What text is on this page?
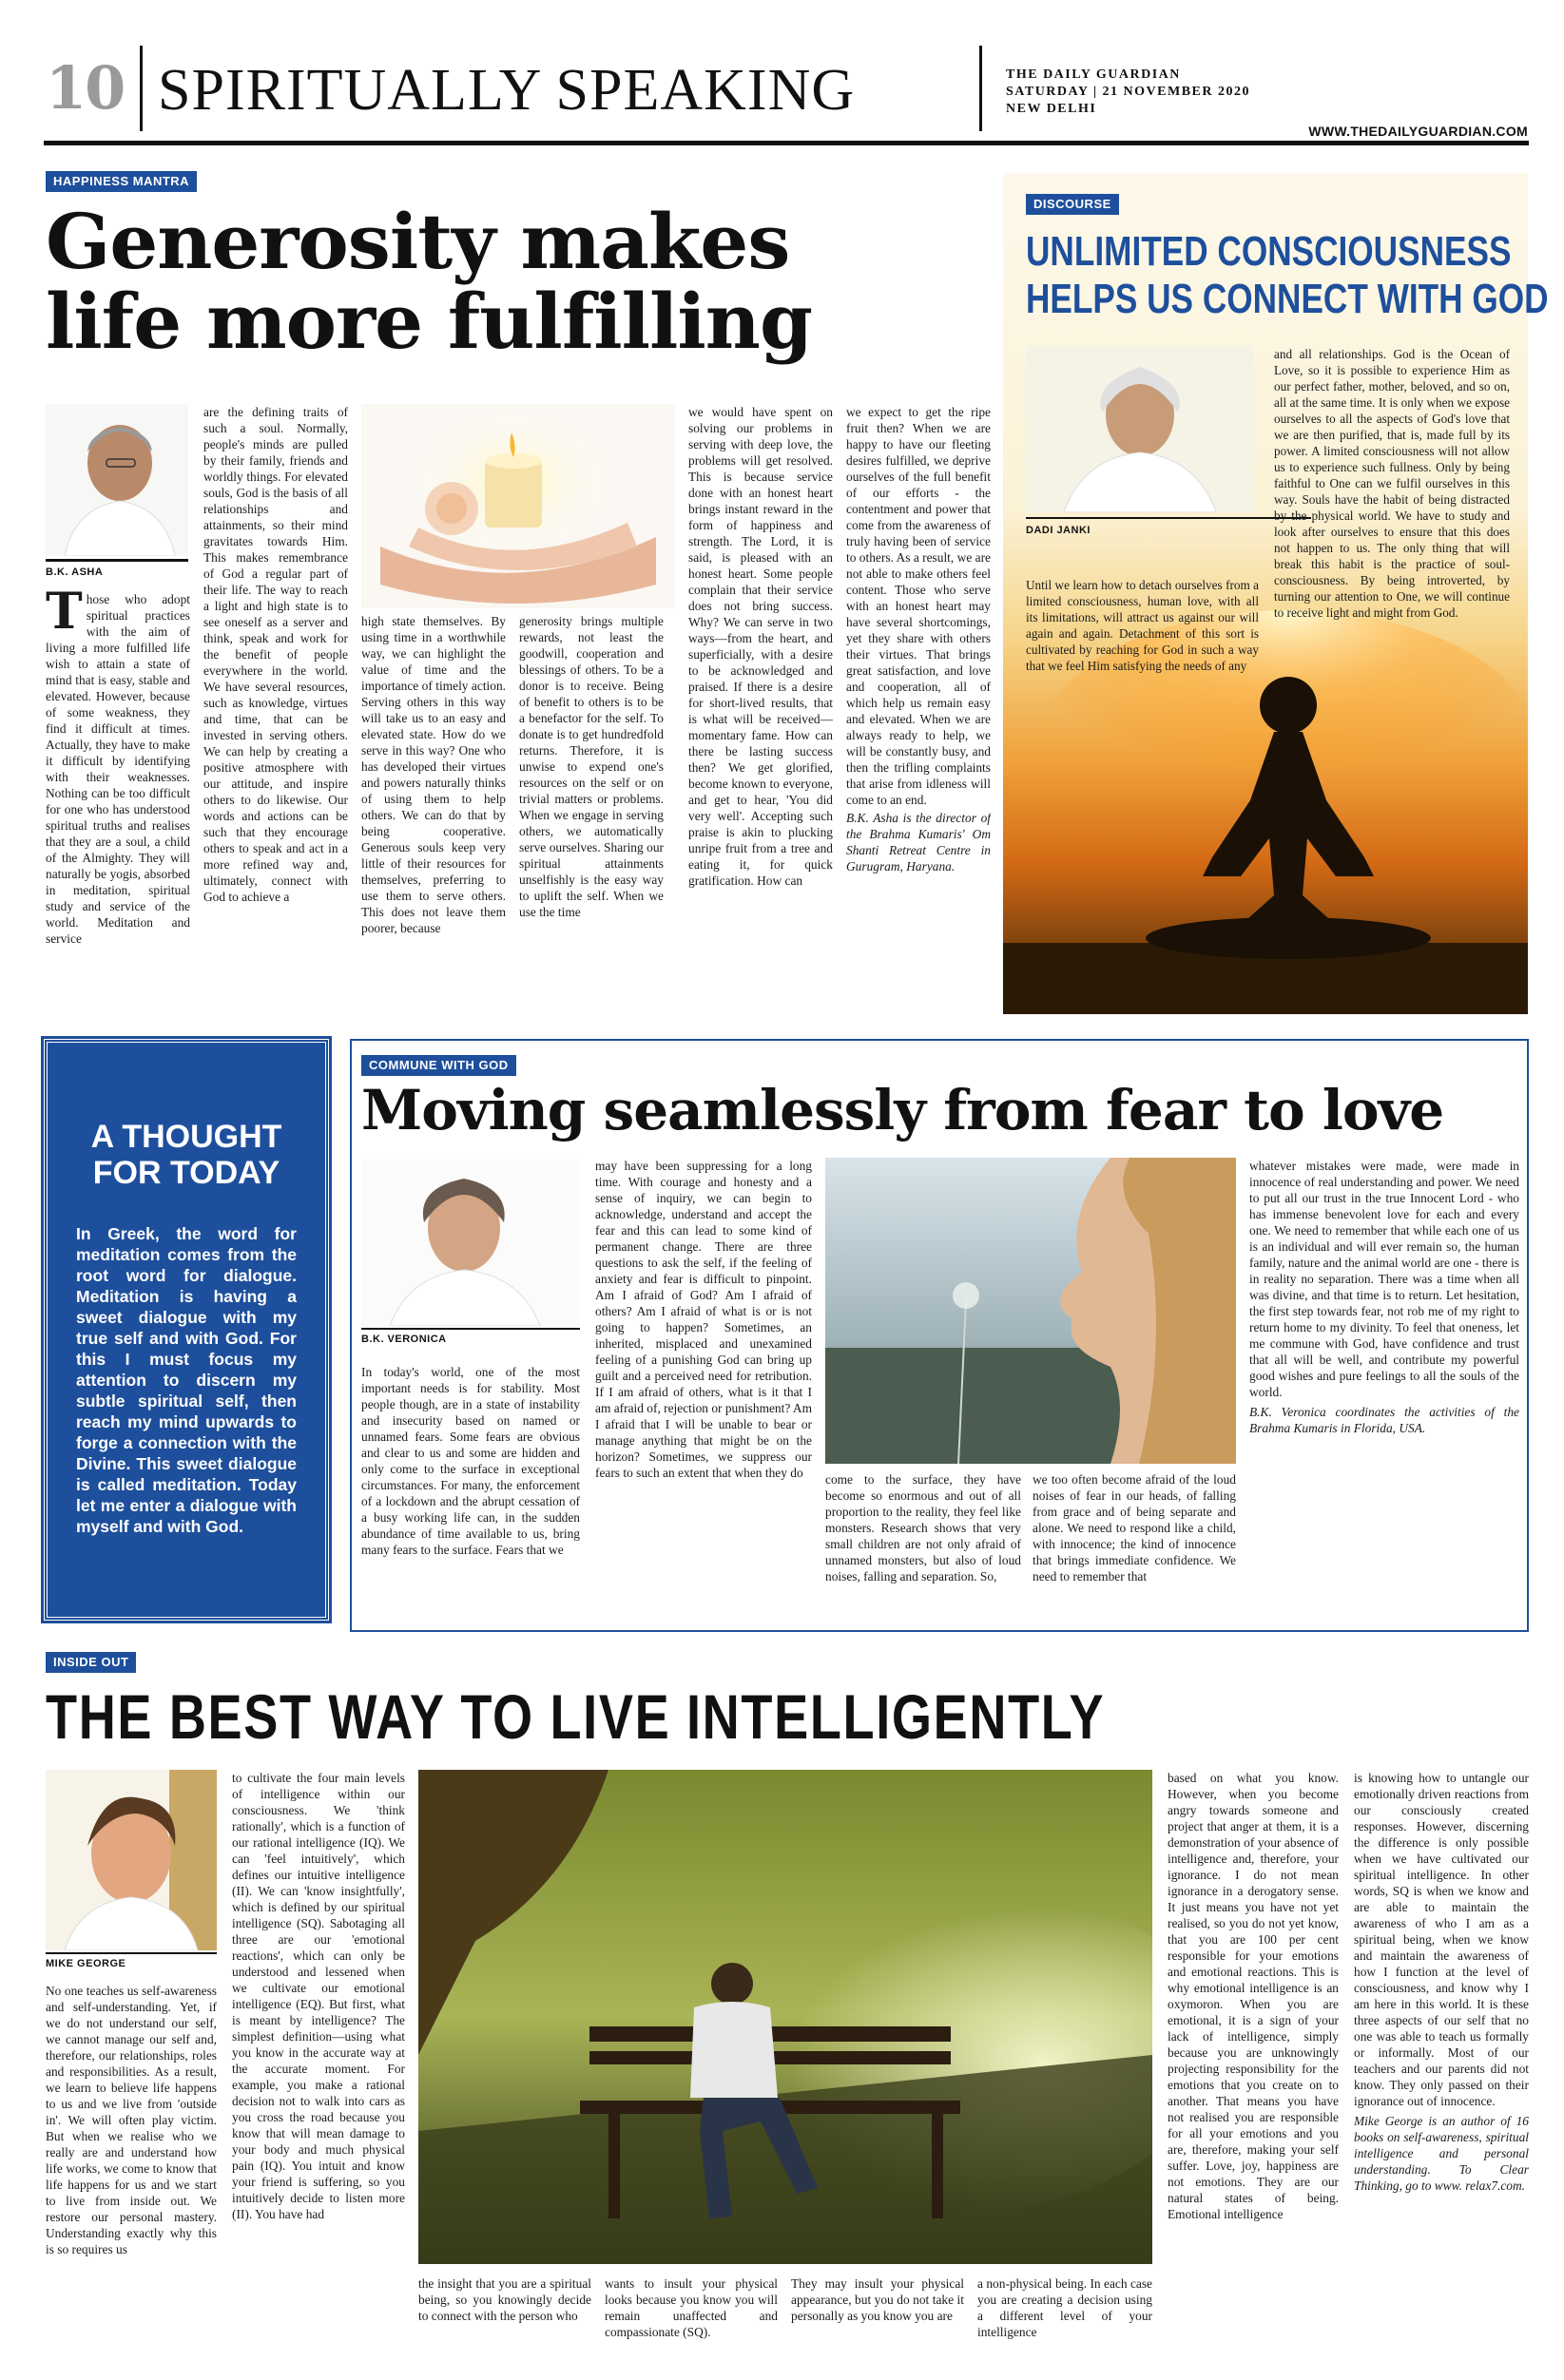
10 SPIRITUALLY SPEAKING	THE DAILY GUARDIAN
SATURDAY | 21 NOVEMBER 2020
NEW DELHI
WWW.THEDAILYGUARDIAN.COM
HAPPINESS MANTRA
Generosity makes
life more fulfilling
B.K. ASHA
Those who adopt spiritual practices with the aim of living a more fulfilled life wish to attain a state of mind that is easy, stable and elevated. However, because of some weakness, they find it difficult at times. Actually, they have to make it difficult by identifying with their weaknesses. Nothing can be too difficult for one who has understood spiritual truths and realises that they are a soul, a child of the Almighty. They will naturally be yogis, absorbed in meditation, spiritual study and service of the world. Meditation and service
are the defining traits of such a soul. Normally, people's minds are pulled by their family, friends and worldly things. For elevated souls, God is the basis of all relationships and attainments, so their mind gravitates towards Him. This makes remembrance of God a regular part of their life. The way to reach a light and high state is to see oneself as a server and think, speak and work for the benefit of people everywhere in the world. We have several resources, such as knowledge, virtues and time, that can be invested in serving others. We can help by creating a positive atmosphere with our attitude, and inspire others to do likewise. Our words and actions can be such that they encourage others to speak and act in a more refined way and, ultimately, connect with God to achieve a
high state themselves. By using time in a worthwhile way, we can highlight the value of time and the importance of timely action. Serving others in this way will take us to an easy and elevated state. How do we serve in this way? One who has developed their virtues and powers naturally thinks of using them to help others. We can do that by being cooperative. Generous souls keep very little of their resources for themselves, preferring to use them to serve others. This does not leave them poorer, because
generosity brings multiple rewards, not least the goodwill, cooperation and blessings of others. To be a donor is to receive. Being of benefit to others is to be a benefactor for the self. To donate is to get hundredfold returns. Therefore, it is unwise to expend one's resources on the self or on trivial matters or problems. When we engage in serving others, we automatically serve ourselves. Sharing our spiritual attainments unselfishly is the easy way to uplift the self. When we use the time
we would have spent on solving our problems in serving with deep love, the problems will get resolved. This is because service done with an honest heart brings instant reward in the form of happiness and strength. The Lord, it is said, is pleased with an honest heart. Some people complain that their service does not bring success. Why? We can serve in two ways—from the heart, and superficially, with a desire to be acknowledged and praised. If there is a desire for short-lived results, that is what will be received—momentary fame. How can there be lasting success then? We get glorified, become known to everyone, and get to hear, 'You did very well'. Accepting such praise is akin to plucking unripe fruit from a tree and eating it, for quick gratification. How can
we expect to get the ripe fruit then? When we are happy to have our fleeting desires fulfilled, we deprive ourselves of the full benefit of our efforts - the contentment and power that come from the awareness of truly having been of service to others. As a result, we are not able to make others feel content. Those who serve with an honest heart may have several shortcomings, yet they share with others their virtues. That brings great satisfaction, and love and cooperation, all of which help us remain easy and elevated. When we are always ready to help, we will be constantly busy, and then the trifling complaints that arise from idleness will come to an end.
B.K. Asha is the director of the Brahma Kumaris' Om Shanti Retreat Centre in Gurugram, Haryana.
DISCOURSE
UNLIMITED CONSCIOUSNESS
HELPS US CONNECT WITH GOD
DADI JANKI
Until we learn how to detach ourselves from a limited consciousness, human love, with all its limitations, will attract us against our will again and again. Detachment of this sort is cultivated by reaching for God in such a way that we feel Him satisfying the needs of any
and all relationships. God is the Ocean of Love, so it is possible to experience Him as our perfect father, mother, beloved, and so on, all at the same time. It is only when we expose ourselves to all the aspects of God's love that we are then purified, that is, made full by its power. A limited consciousness will not allow us to experience such fullness. Only by being faithful to One can we fulfil ourselves in this way. Souls have the habit of being distracted by the physical world. We have to study and look after ourselves to ensure that this does not happen to us. The only thing that will break this habit is the practice of soul-consciousness. By being introverted, by turning our attention to One, we will continue to receive light and might from God.
A THOUGHT
FOR TODAY
In Greek, the word for meditation comes from the root word for dialogue. Meditation is having a sweet dialogue with my true self and with God. For this I must focus my attention to discern my subtle spiritual self, then reach my mind upwards to forge a connection with the Divine. This sweet dialogue is called meditation. Today let me enter a dialogue with myself and with God.
COMMUNE WITH GOD
Moving seamlessly from fear to love
B.K. VERONICA
In today's world, one of the most important needs is for stability. Most people though, are in a state of instability and insecurity based on named or unnamed fears. Some fears are obvious and clear to us and some are hidden and only come to the surface in exceptional circumstances. For many, the enforcement of a lockdown and the abrupt cessation of a busy working life can, in the sudden abundance of time available to us, bring many fears to the surface. Fears that we
may have been suppressing for a long time. With courage and honesty and a sense of inquiry, we can begin to acknowledge, understand and accept the fear and this can lead to some kind of permanent change. There are three questions to ask the self, if the feeling of anxiety and fear is difficult to pinpoint. Am I afraid of God? Am I afraid of others? Am I afraid of what is or is not going to happen? Sometimes, an inherited, misplaced and unexamined feeling of a punishing God can bring up guilt and a perceived need for retribution. If I am afraid of others, what is it that I am afraid of, rejection or punishment? Am I afraid that I will be unable to bear or manage anything that might be on the horizon? Sometimes, we suppress our fears to such an extent that when they do	come to the surface, they have become so enormous and out of all proportion to the reality, they feel like monsters. Research shows that very small children are not only afraid of unnamed monsters, but also of loud noises, falling and separation. So,
we too often become afraid of the loud noises of fear in our heads, of falling from grace and of being separate and alone. We need to respond like a child, with innocence; the kind of innocence that brings immediate confidence. We need to remember that
whatever mistakes were made, were made in innocence of real understanding and power. We need to put all our trust in the true Innocent Lord - who has immense benevolent love for each and every one. We need to remember that while each one of us is an individual and will ever remain so, the human family, nature and the animal world are one - there is in reality no separation. There was a time when all was divine, and that time is to return. Let hesitation, the first step towards fear, not rob me of my right to return home to my divinity. To feel that oneness, let me commune with God, have confidence and trust that all will be well, and contribute my powerful good wishes and pure feelings to all the souls of the world.
B.K. Veronica coordinates the activities of the Brahma Kumaris in Florida, USA.
INSIDE OUT
THE BEST WAY TO LIVE INTELLIGENTLY
MIKE GEORGE
No one teaches us self-awareness and self-understanding. Yet, if we do not understand our self, we cannot manage our self and, therefore, our relationships, roles and responsibilities. As a result, we learn to believe life happens to us and we live from 'outside in'. We will often play victim. But when we realise who we really are and understand how life works, we come to know that life happens for us and we start to live from inside out. We restore our personal mastery. Understanding exactly why this is so requires us
to cultivate the four main levels of intelligence within our consciousness. We 'think rationally', which is a function of our rational intelligence (IQ). We can 'feel intuitively', which defines our intuitive intelligence (II). We can 'know insightfully', which is defined by our spiritual intelligence (SQ). Sabotaging all three are our 'emotional reactions', which can only be understood and lessened when we cultivate our emotional intelligence (EQ). But first, what is meant by intelligence? The simplest definition—using what you know in the accurate way at the accurate moment. For example, you make a rational decision not to walk into cars as you cross the road because you know that will mean damage to your body and much physical pain (IQ). You intuit and know your friend is suffering, so you intuitively decide to listen more (II). You have had
the insight that you are a spiritual being, so you knowingly decide to connect with the person who
wants to insult your physical looks because you know you will remain unaffected and compassionate (SQ).
They may insult your physical appearance, but you do not take it personally as you know you are
a non-physical being. In each case you are creating a decision using a different level of your intelligence
based on what you know. However, when you become angry towards someone and project that anger at them, it is a demonstration of your absence of intelligence and, therefore, your ignorance. I do not mean ignorance in a derogatory sense. It just means you have not yet realised, so you do not yet know, that you are 100 per cent responsible for your emotions and emotional reactions. This is why emotional intelligence is an oxymoron. When you are emotional, it is a sign of your lack of intelligence, simply because you are unknowingly projecting responsibility for the emotions that you create on to another. That means you have not realised you are responsible for all your emotions and you are, therefore, making your self suffer. Love, joy, happiness are not emotions. They are our natural states of being. Emotional intelligence
is knowing how to untangle our emotionally driven reactions from our consciously created responses. However, discerning the difference is only possible when we have cultivated our spiritual intelligence. In other words, SQ is when we know and are able to maintain the awareness of who I am as a spiritual being, when we know and maintain the awareness of how I function at the level of consciousness, and know why I am here in this world. It is these three aspects of our self that no one was able to teach us formally or informally. Most of our teachers and our parents did not know. They only passed on their ignorance out of innocence.
Mike George is an author of 16 books on self-awareness, spiritual intelligence and personal understanding. To Clear Thinking, go to www. relax7.com.
